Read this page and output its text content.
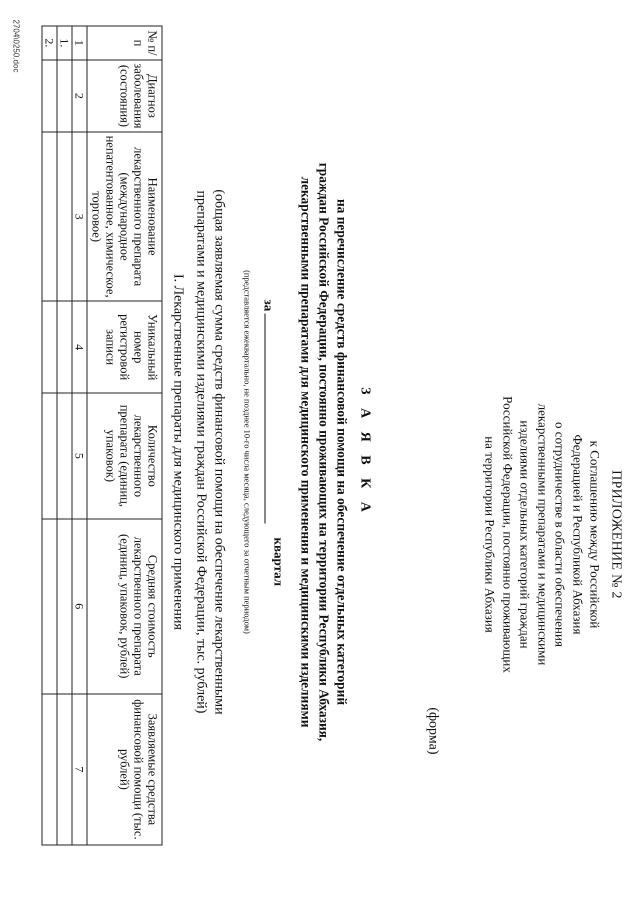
ПРИЛОЖЕНИЕ № 2
к Соглашению между Российской
Федерацией и Республикой Абхазия
о сотрудничестве в области обеспечения
лекарственными препаратами и медицинскими
изделиями отдельных категорий граждан
Российской Федерации, постоянно проживающих
на территории Республики Абхазия
(форма)
З А Я В К А
на перечисление средств финансовой помощи на обеспечение отдельных категорий
граждан Российской Федерации, постоянно проживающих на территории Республики Абхазия,
лекарственными препаратами для медицинского применения и медицинскими изделиями
за
квартал
(представляется ежеквартально, не позднее 10-го числа месяца, следующего за отчетным периодом)
(общая заявляемая сумма средств финансовой помощи на обеспечение лекарственными
препаратами и медицинскими изделиями граждан Российской Федерации, тыс. рублей)
I. Лекарственные препараты для медицинского применения
№ п/п	Диагноз заболевания (состояния)	Наименование лекарственного препарата (международное непатентованное, химическое, торговое)	Уникальный номер регистровой записи	Количество лекарственного препарата (единиц, упаковок)	Средняя стоимость лекарственного препарата (единиц, упаковок, рублей)	Заявляемые средства финансовой помощи (тыс. рублей)
1	2	3	4	5	6	7
1.						
2.						
2704\0250.doc
